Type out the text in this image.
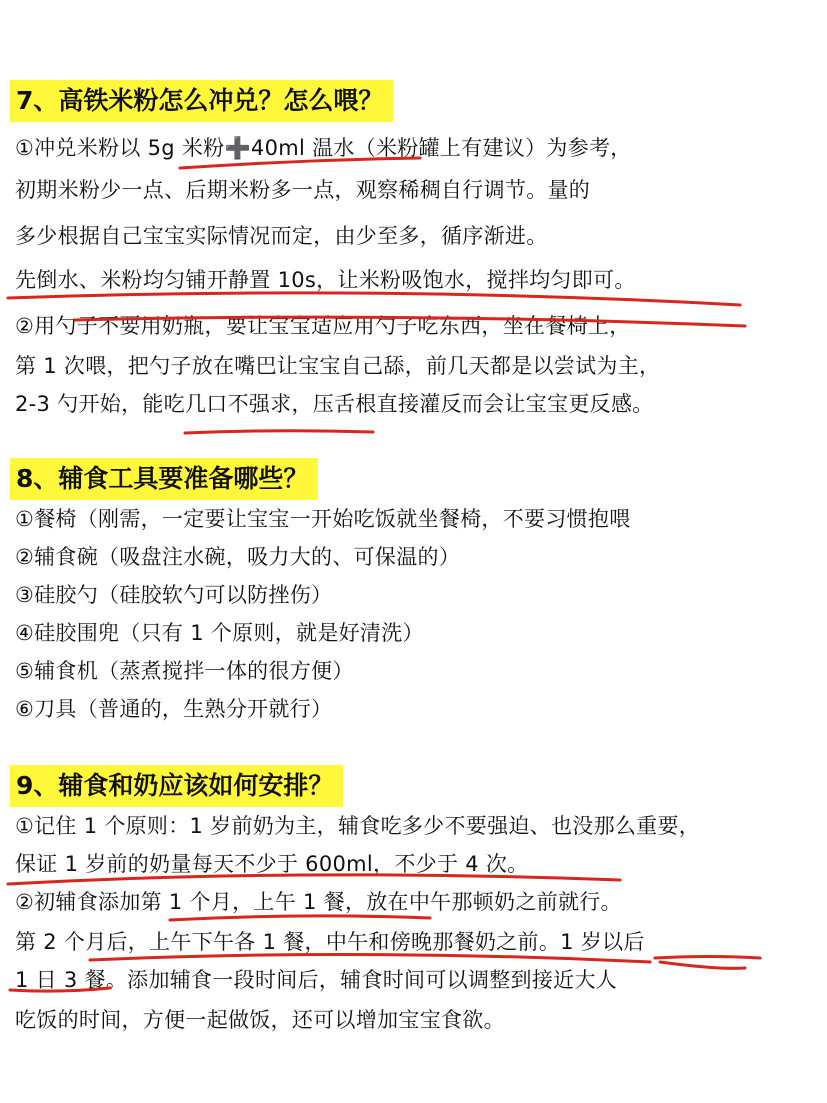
7、高铁米粉怎么冲兑？怎么喂？
①冲兑米粉以 5g 米粉➕40ml 温水（米粉罐上有建议）为参考，
初期米粉少一点、后期米粉多一点，观察稀稠自行调节。量的
多少根据自己宝宝实际情况而定，由少至多，循序渐进。
先倒水、米粉均匀铺开静置 10s，让米粉吸饱水，搅拌均匀即可。
②用勺子不要用奶瓶，要让宝宝适应用勺子吃东西，坐在餐椅上，
第 1 次喂，把勺子放在嘴巴让宝宝自己舔，前几天都是以尝试为主，
2-3 勺开始，能吃几口不强求，压舌根直接灌反而会让宝宝更反感。
8、辅食工具要准备哪些？
①餐椅（刚需，一定要让宝宝一开始吃饭就坐餐椅，不要习惯抱喂
②辅食碗（吸盘注水碗，吸力大的、可保温的）
③硅胶勺（硅胶软勺可以防挫伤）
④硅胶围兜（只有 1 个原则，就是好清洗）
⑤辅食机（蒸煮搅拌一体的很方便）
⑥刀具（普通的，生熟分开就行）
9、辅食和奶应该如何安排？
①记住 1 个原则：1 岁前奶为主，辅食吃多少不要强迫、也没那么重要，
保证 1 岁前的奶量每天不少于 600ml，不少于 4 次。
②初辅食添加第 1 个月，上午 1 餐，放在中午那顿奶之前就行。
第 2 个月后，上午下午各 1 餐，中午和傍晚那餐奶之前。1 岁以后
1 日 3 餐。添加辅食一段时间后，辅食时间可以调整到接近大人
吃饭的时间，方便一起做饭，还可以增加宝宝食欲。
